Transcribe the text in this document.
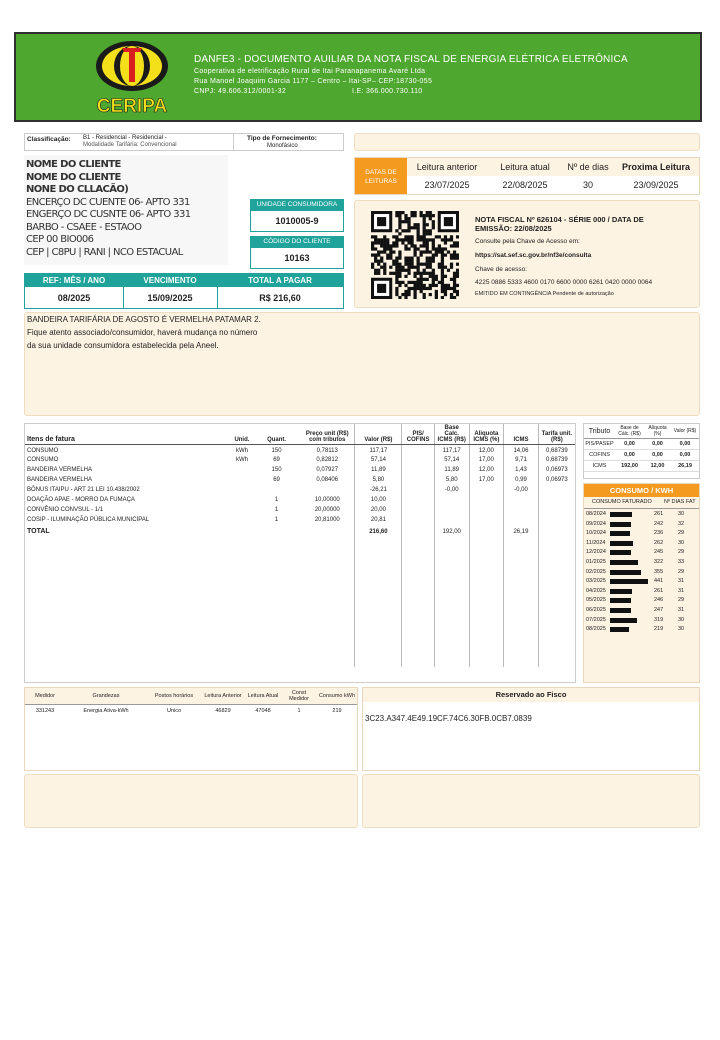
CERIPA
DANFE3 - DOCUMENTO AUILIAR DA NOTA FISCAL DE ENERGIA ELÉTRICA ELETRÔNICA
Cooperativa de eletrificação Rural de Itai Paranapanema Avaré Ltda
Rua Manoel Joaquim Garcia 1177 – Centro – Itai-SP– CEP:18730-055
CNPJ: 49.606.312/0001-32	I.E: 366.000.730.110
Classificação: B1 - Residencial - Residencial -
Modalidade Tarifária: Convencional
Tipo de Fornecimento:
Monofásico
NOME DO CLIENTE
NOME DO CLIENTE
NONE DO CLLACÃO)
ENCERÇO DC CUENTE 06- APTO 331
ENGERÇO DC CUSNTE 06- APTO 331
BARBO - CSAEE - ESTAOO
CEP 00 BIO006
CEP | C8PU | RANI | NCO ESTACUAL
UNIDADE CONSUMIDORA
1010005-9
CÓDIGO DO CLIENTE
10163
REF: MÊS / ANO	VENCIMENTO	TOTAL A PAGAR
08/2025	15/09/2025	R$ 216,60
DATAS DE LEITURAS
Leitura anterior	Leitura atual	Nº de dias	Proxima Leitura
23/07/2025	22/08/2025	30	23/09/2025
NOTA FISCAL Nº 626104 - SÉRIE 000 / DATA DE
EMISSÃO: 22/08/2025
Consulte pela Chave de Acesso em:
https://sat.sef.sc.gov.br/nf3e/consulta
Chave de acesso:
4225 0886 5333 4600 0170 6600 0000 6261 0420 0000 0064
EMITIDO EM CONTINGÊNCIA Pendente de autorização
BANDEIRA TARIFÁRIA DE AGOSTO É VERMELHA PATAMAR 2.
Fique atento associado/consumidor, haverá mudança no número
da sua unidade consumidora estabelecida pela Aneel.
Itens de fatura	Unid.	Quant.	Preço unit (R$) com tributos	Valor (R$)	PIS/ COFINS	Base Calc. ICMS (R$)	Aliquota ICMS (%)	ICMS	Tarifa unit. (R$)
CONSUMO	kWh	150	0,78113	117,17		117,17	12,00	14,06	0,68739
CONSUMO	kWh	69	0,82812	57,14		57,14	17,00	9,71	0,68739
BANDEIRA VERMELHA		150	0,07927	11,89		11,89	12,00	1,43	0,06973
BANDEIRA VERMELHA		69	0,08406	5,80		5,80	17,00	0,99	0,06973
BÔNUS ITAIPU - ART 21 LEI 10.438/2002				-26,21		-0,00		-0,00	
DOAÇÃO APAE - MORRO DA FUMAÇA		1	10,00000	10,00					
CONVÊNIO CONVSUL - 1/1		1	20,00000	20,00					
COSIP - ILUMINAÇÃO PÚBLICA MUNICIPAL		1	20,81000	20,81					
TOTAL				216,60		192,00		26,19	

Tributo	Base de Cálc. (R$)	Alíquota (%)	Valor (R$)
PIS/PASEP	0,00	0,00	0,00
COFINS	0,00	0,00	0,00
ICMS	192,00	12,00	26,19
CONSUMO / KWH
CONSUMO FATURADO Nº DIAS FAT
08/2024	261	30
09/2024	242	32
10/2024	236	29
11/2024	262	30
12/2024	245	29
01/2025	322	33
02/2025	355	29
03/2025	441	31
04/2025	261	31
05/2025	246	29
06/2025	247	31
07/2025	319	30
08/2025	219	30
Medidor	Grandezas	Postos horários	Leitura Anterior	Leitura Atual	Const Medidor	Consumo kWh
331243	Energia Ativa-kWh	Unico	46829	47048	1	219
Reservado ao Fisco
3C23.A347.4E49.19CF.74C6.30FB.0CB7.0839
